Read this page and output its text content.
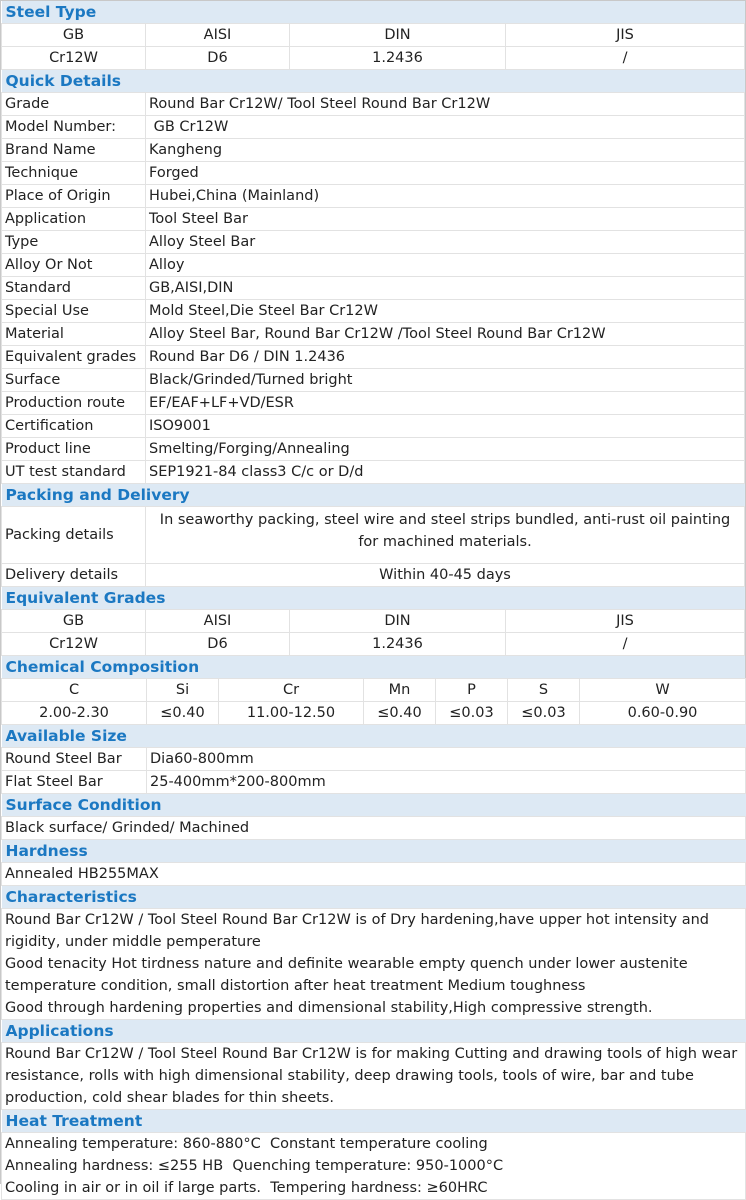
Steel Type			
GB	AISI	DIN	JIS
Cr12W	D6	1.2436	/
Quick Details			
Grade	Round Bar Cr12W/ Tool Steel Round Bar Cr12W		
Model Number:	GB Cr12W		
Brand Name	Kangheng		
Technique	Forged		
Place of Origin	Hubei,China (Mainland)		
Application	Tool Steel Bar		
Type	Alloy Steel Bar		
Alloy Or Not	Alloy		
Standard	GB,AISI,DIN		
Special Use	Mold Steel,Die Steel Bar Cr12W		
Material	Alloy Steel Bar, Round Bar Cr12W /Tool Steel Round Bar Cr12W		
Equivalent grades	Round Bar D6 / DIN 1.2436		
Surface	Black/Grinded/Turned bright		
Production route	EF/EAF+LF+VD/ESR		
Certification	ISO9001		
Product line	Smelting/Forging/Annealing		
UT test standard	SEP1921-84 class3 C/c or D/d		
Packing and Delivery			
Packing details	In seaworthy packing, steel wire and steel strips bundled, anti-rust oil painting for machined materials.		
Delivery details	Within 40-45 days		
Equivalent Grades			
GB	AISI	DIN	JIS
Cr12W	D6	1.2436	/
Chemical Composition			
C	Si	Cr	Mn	P	S	W
2.00-2.30	≤0.40	11.00-12.50	≤0.40	≤0.03	≤0.03	0.60-0.90
Available Size	
Round Steel Bar	Dia60-800mm
Flat Steel Bar	25-400mm*200-800mm
Surface Condition	
Black surface/ Grinded/ Machined	
Hardness	
Annealed HB255MAX	
Characteristics	

Round Bar Cr12W / Tool Steel Round Bar Cr12W is of Dry hardening,have upper hot intensity and rigidity, under middle pemperature
Good tenacity Hot tirdness nature and definite wearable empty quench under lower austenite temperature condition, small distortion after heat treatment Medium toughness
Good through hardening properties and dimensional stability,High compressive strength.	

Applications	
Round Bar Cr12W / Tool Steel Round Bar Cr12W is for making Cutting and drawing tools of high wear resistance, rolls with high dimensional stability, deep drawing tools, tools of wire, bar and tube production, cold shear blades for thin sheets.	
Heat Treatment	

Annealing temperature: 860-880°C  Constant temperature cooling
Annealing hardness: ≤255 HB  Quenching temperature: 950-1000°C
Cooling in air or in oil if large parts.  Tempering hardness: ≥60HRC	
